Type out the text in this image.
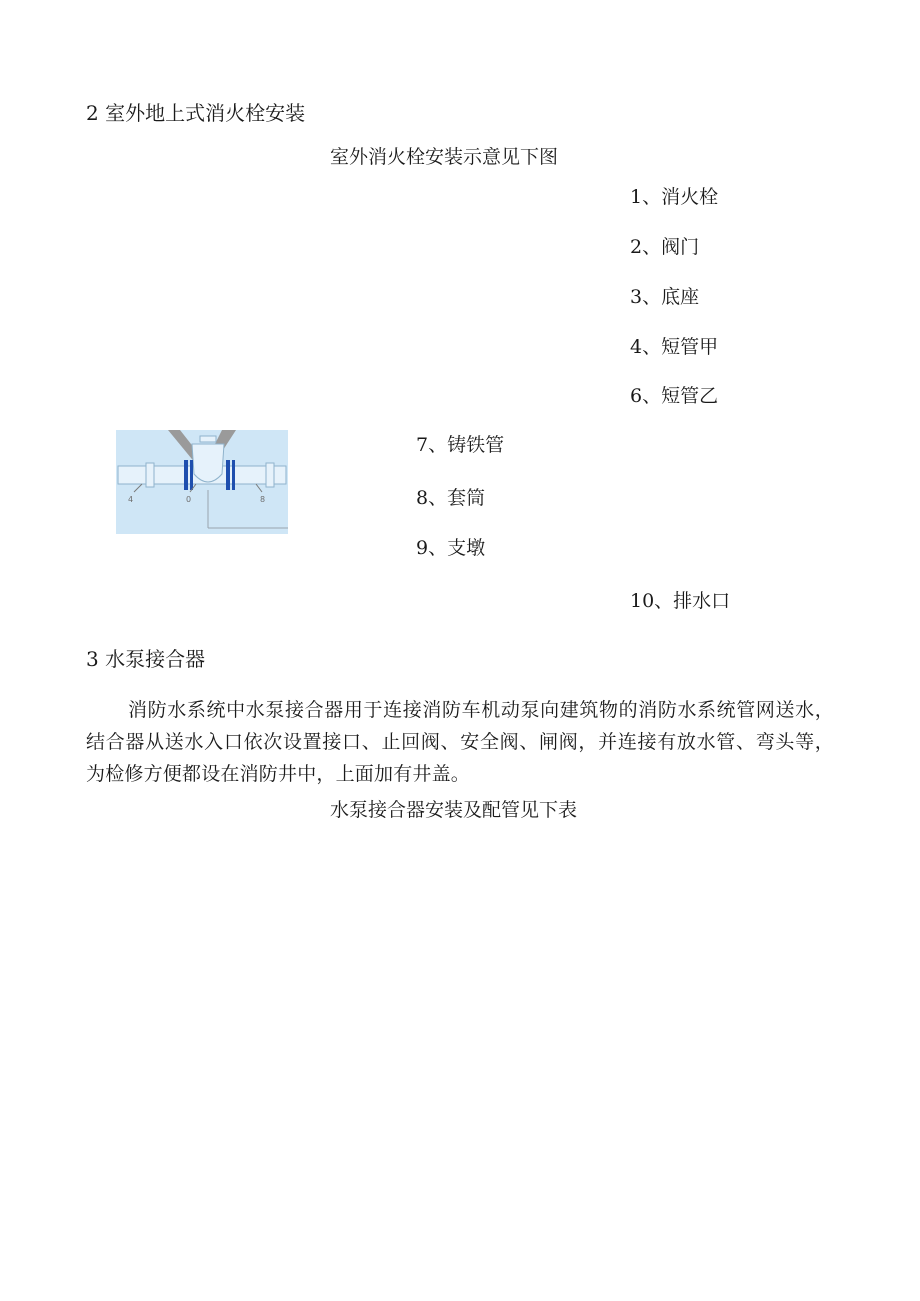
2 室外地上式消火栓安装
室外消火栓安装示意见下图
1、消火栓
2、阀门
3、底座
4、短管甲
6、短管乙
7、铸铁管
8、套筒
9、支墩
10、排水口
4	0	8
3 水泵接合器
消防水系统中水泵接合器用于连接消防车机动泵向建筑物的消防水系统管网送水，结合器从送水入口依次设置接口、止回阀、安全阀、闸阀，并连接有放水管、弯头等，为检修方便都设在消防井中，上面加有井盖。
水泵接合器安装及配管见下表
